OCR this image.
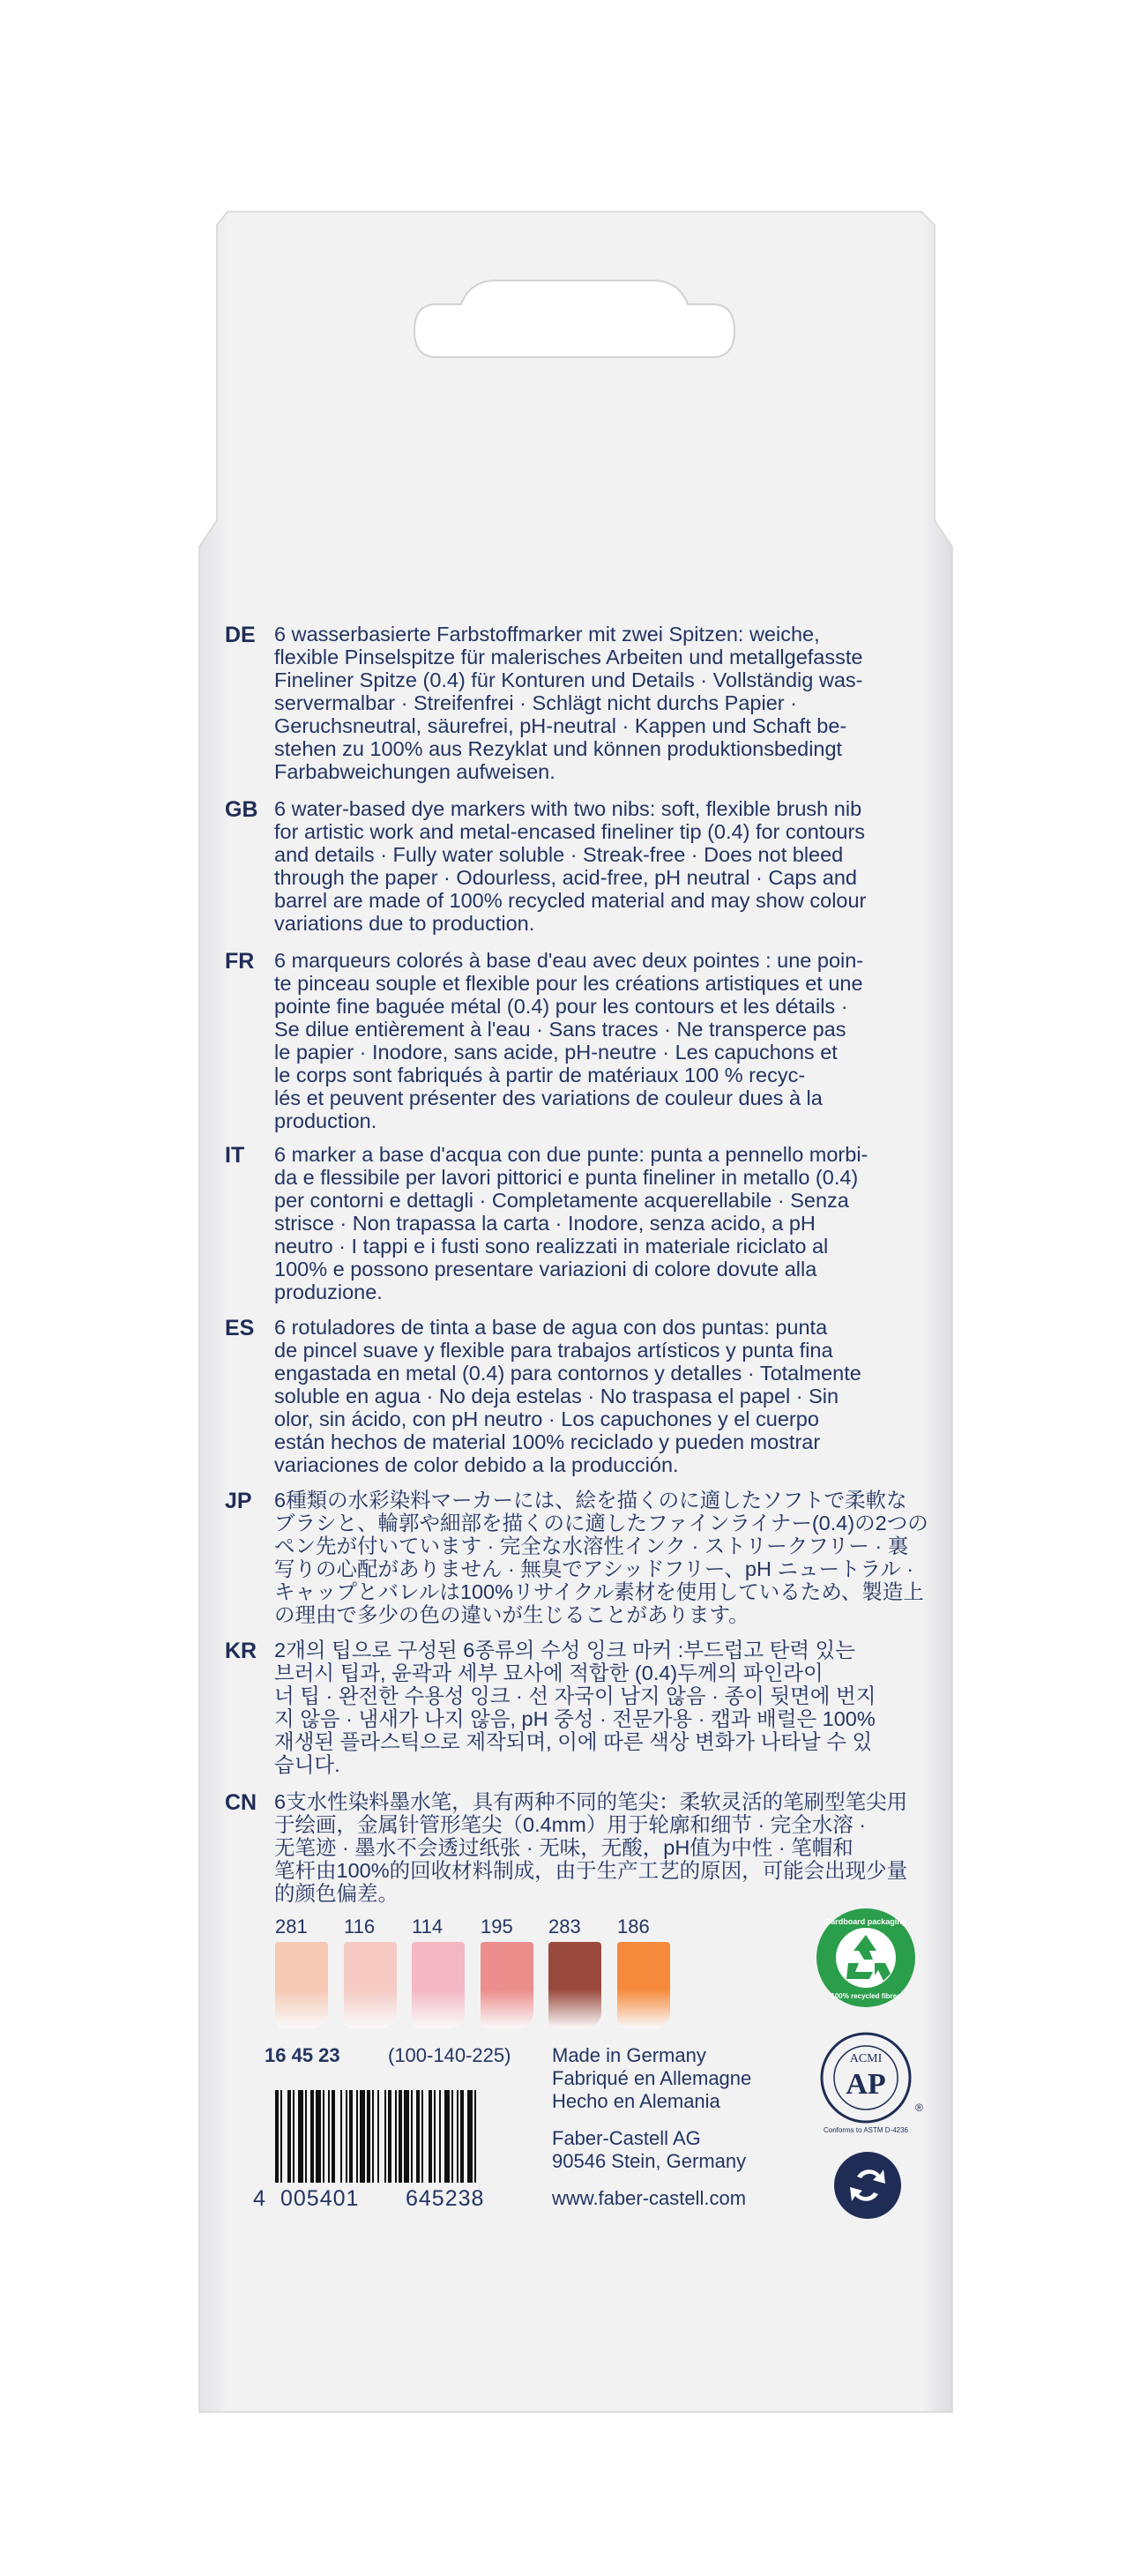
DE 6 wasserbasierte Farbstoffmarker mit zwei Spitzen: weiche,
flexible Pinselspitze für malerisches Arbeiten und metallgefasste
Fineliner Spitze (0.4) für Konturen und Details · Vollständig was-
servermalbar · Streifenfrei · Schlägt nicht durchs Papier ·
Geruchsneutral, säurefrei, pH-neutral · Kappen und Schaft be-
stehen zu 100% aus Rezyklat und können produktionsbedingt
Farbabweichungen aufweisen.
GB 6 water-based dye markers with two nibs: soft, flexible brush nib
for artistic work and metal-encased fineliner tip (0.4) for contours
and details · Fully water soluble · Streak-free · Does not bleed
through the paper · Odourless, acid-free, pH neutral · Caps and
barrel are made of 100% recycled material and may show colour
variations due to production.
FR 6 marqueurs colorés à base d'eau avec deux pointes : une poin-
te pinceau souple et flexible pour les créations artistiques et une
pointe fine baguée métal (0.4) pour les contours et les détails ·
Se dilue entièrement à l'eau · Sans traces · Ne transperce pas
le papier · Inodore, sans acide, pH-neutre · Les capuchons et
le corps sont fabriqués à partir de matériaux 100 % recyc-
lés et peuvent présenter des variations de couleur dues à la
production.
IT 6 marker a base d'acqua con due punte: punta a pennello morbi-
da e flessibile per lavori pittorici e punta fineliner in metallo (0.4)
per contorni e dettagli · Completamente acquerellabile · Senza
strisce · Non trapassa la carta · Inodore, senza acido, a pH
neutro · I tappi e i fusti sono realizzati in materiale riciclato al
100% e possono presentare variazioni di colore dovute alla
produzione.
ES 6 rotuladores de tinta a base de agua con dos puntas: punta
de pincel suave y flexible para trabajos artísticos y punta fina
engastada en metal (0.4) para contornos y detalles · Totalmente
soluble en agua · No deja estelas · No traspasa el papel · Sin
olor, sin ácido, con pH neutro · Los capuchones y el cuerpo
están hechos de material 100% reciclado y pueden mostrar
variaciones de color debido a la producción.
JP 6種類の水彩染料マーカーには、絵を描くのに適したソフトで柔軟な
ブラシと、輪郭や細部を描くのに適したファインライナー(0.4)の2つの
ペン先が付いています · 完全な水溶性インク · ストリークフリー · 裏
写りの心配がありません · 無臭でアシッドフリー、pH ニュートラル ·
キャップとバレルは100%リサイクル素材を使用しているため、製造上
の理由で多少の色の違いが生じることがあります。
KR 2개의 팁으로 구성된 6종류의 수성 잉크 마커 :부드럽고 탄력 있는
브러시 팁과, 윤곽과 세부 묘사에 적합한 (0.4)두께의 파인라이
너 팁 · 완전한 수용성 잉크 · 선 자국이 남지 않음 · 종이 뒷면에 번지
지 않음 · 냄새가 나지 않음, pH 중성 · 전문가용 · 캡과 배럴은 100%
재생된 플라스틱으로 제작되며, 이에 따른 색상 변화가 나타날 수 있
습니다.
CN 6支水性染料墨水笔，具有两种不同的笔尖：柔软灵活的笔刷型笔尖用
于绘画，金属针管形笔尖（0.4mm）用于轮廓和细节 · 完全水溶 ·
无笔迹 · 墨水不会透过纸张 · 无味，无酸，pH值为中性 · 笔帽和
笔杆由100%的回收材料制成，由于生产工艺的原因，可能会出现少量
的颜色偏差。
281 116 114 195 283 186	Cardboard packaging
100% recycled fibres
ACMI
AP
®
Conforms to ASTM D-4236
16 45 23 (100-140-225)
4 005401 645238
Made in Germany
Fabriqué en Allemagne
Hecho en Alemania
Faber-Castell AG
90546 Stein, Germany
www.faber-castell.com
